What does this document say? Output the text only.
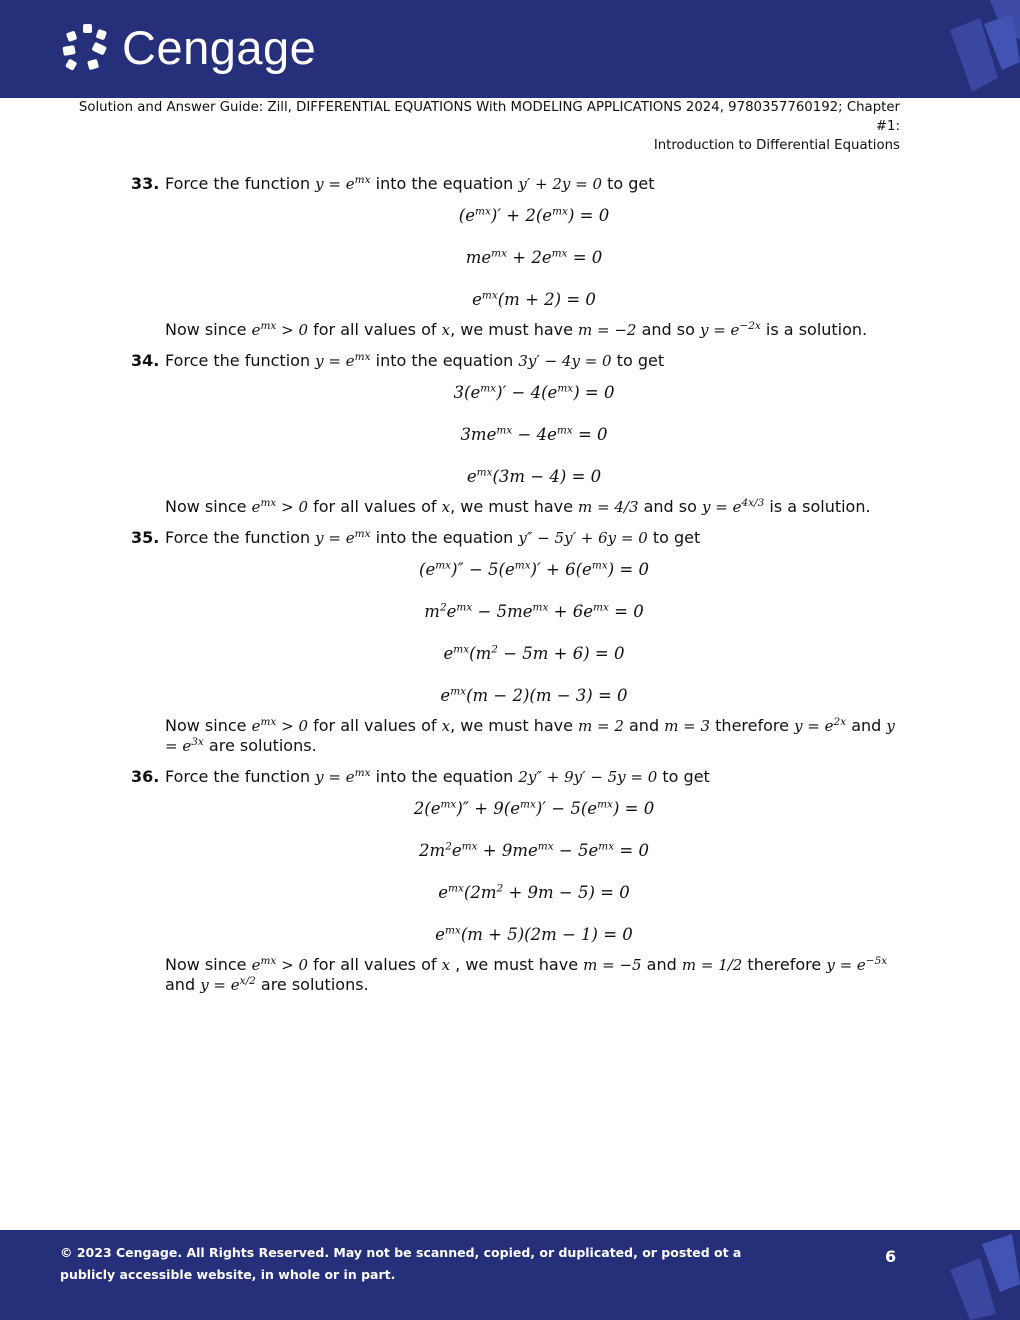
Cengage
Solution and Answer Guide: Zill, DIFFERENTIAL EQUATIONS With MODELING APPLICATIONS 2024, 9780357760192; Chapter #1:
Introduction to Differential Equations
33. Force the function $y = e^{mx}$ into the equation y′ + 2y = 0 to get

$(e^{mx})' + 2(e^{mx}) = 0$
$me^{mx} + 2e^{mx} = 0$
$e^{mx}(m + 2) = 0$

Now since $e^{mx} > 0$ for all values of x, we must have m = −2 and so $y = e^{-2x}$ is a solution.

34. Force the function $y = e^{mx}$ into the equation 3y′ − 4y = 0 to get

$3(e^{mx})' - 4(e^{mx}) = 0$
$3me^{mx} - 4e^{mx} = 0$
$e^{mx}(3m - 4) = 0$

Now since $e^{mx} > 0$ for all values of x, we must have m = 4/3 and so $y = e^{4x/3}$ is a solution.

35. Force the function $y = e^{mx}$ into the equation y″ − 5y′ + 6y = 0 to get

$(e^{mx})'' - 5(e^{mx})' + 6(e^{mx}) = 0$
$m^2e^{mx} - 5me^{mx} + 6e^{mx} = 0$
$e^{mx}(m^2 - 5m + 6) = 0$
$e^{mx}(m - 2)(m - 3) = 0$

Now since $e^{mx} > 0$ for all values of x, we must have m = 2 and m = 3 therefore $y = e^{2x}$ and $y = e^{3x}$ are solutions.

36. Force the function $y = e^{mx}$ into the equation 2y″ + 9y′ − 5y = 0 to get

$2(e^{mx})'' + 9(e^{mx})' - 5(e^{mx}) = 0$
$2m^2e^{mx} + 9me^{mx} - 5e^{mx} = 0$
$e^{mx}(2m^2 + 9m - 5) = 0$
$e^{mx}(m + 5)(2m - 1) = 0$

Now since $e^{mx} > 0$ for all values of x , we must have m = −5 and m = 1/2 therefore $y = e^{-5x}$ and $y = e^{x/2}$ are solutions.

© 2023 Cengage. All Rights Reserved. May not be scanned, copied, or duplicated, or posted ot a publicly accessible website, in whole or in part.
6
